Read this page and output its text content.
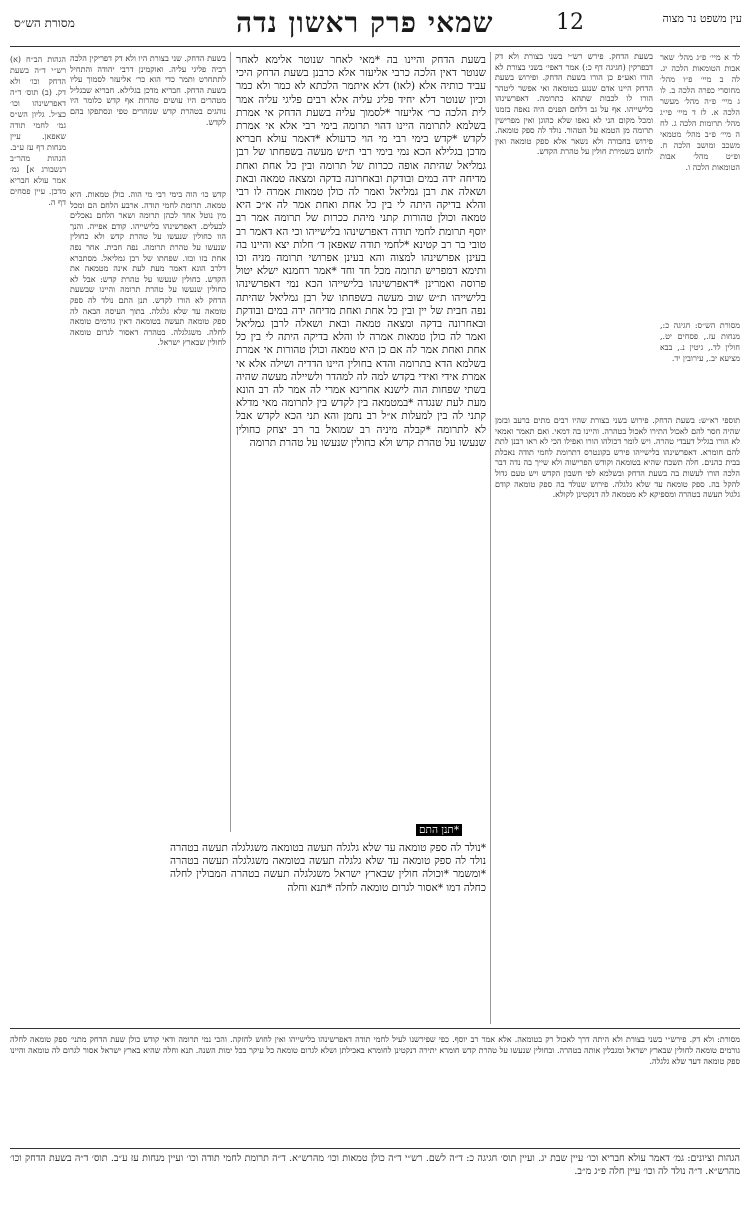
מסורת הש״ס	שמאי פרק ראשון נדה	12	עין משפט נר מצוה
לד א מיי׳ פ״ג מהל׳ שאר אבות הטומאות הלכה יג. לה ב מיי׳ פ״ו מהל׳ מחוסרי כפרה הלכה ב. לו ג מיי׳ פ״ה מהל׳ מעשר הלכה א. לז ד מיי׳ פי״ג מהל׳ תרומות הלכה ג. לח ה מיי׳ פ״ב מהל׳ מטמאי משכב ומושב הלכה ח. ופ״ט מהל׳ אבות הטומאות הלכה ו.
מסורת הש״ס: חגיגה כ:, מנחות עז., פסחים יט., חולין לד., גיטין נ., בבא מציעא יב., עירובין יד.
בשעת הדחק. פירש רש״י בשני בצורת ולא דק דבפרקין (חגיגה דף כ:) אמר דאפי׳ בשני בצורת לא הורו ואע״פ כן הורו בשעת הדחק. ופירוש בשעת הדחק היינו אדם שנגע בטומאה ואי אפשר ליטהר הורו לו לכבות שתהא כתרומה. דאפרשינהו בלישייהו. אף על גב דלחם הפנים היה נאפה בזמנו ומכל מקום הני לא נאפו שלא כהוגן ואין מפרישין תרומה מן הטמא על הטהור. נולד לה ספק טומאה. פירוש בחבורה ולא נשאר אלא ספק טומאה ואין לחוש בשמירת חולין על טהרת הקדש.
תוספי רא״ש: בשעת הדחק. פירוש בשני בצורת שהיו רבים מתים ברעב ובזמן שהיה חסר להם לאכול התירו לאכול בטהרה. והיינו בה דמאי. ואם תאמר ואמאי לא הורו בגליל דעבדי טהרה. ויש לומר דכולהו הורו ואפילו הכי לא ראו רבנן לתת להם חומרא. דאפרשינהו בלישייהו פירש בקונטרס דתרומת לחמי תודה נאכלת בבית כהנים. חלה תשכח שהיא בטומאה וקודש הפרישוה ולא שייך בה נדה דבר הלכה הורו לעשות בה בשעת הדחק ובשלמא לפי חשבון הקדש ויש טעם גדול להקל בה. ספק טומאה עד שלא גלגלה. פירוש שנולד בה ספק טומאה קודם גלגול תעשה בטהרה ומספיקא לא מטמאה לה דנקטינן לקולא.
בשעת הדחק והיינו בה *מאי לאחר שנוטר אלימא לאחר שנוטר דאין הלכה כרבי אליעזר אלא כרבנן בשעת הדחק היכי עביד כותיה אלא (לאו) דלא איתמר הלכתא לא כמר ולא כמר וכיון שנוטר דלא יחיד פליג עליה אלא רבים פליגי עליה אמר לית הלכה כר׳ אליעזר *לסמוך עליה בשעת הדחק אי אמרת בשלמא לתרומה היינו דהוי תרומה בימי רבי אלא אי אמרת לקדש *קדש בימי רבי מי הוי כדעולא *דאמר עולא חבריא מדכן בגלילא הכא נמי בימי רבי ת״ש מעשה בשפחתו של רבן גמליאל שהיתה אופה ככרות של תרומה ובין כל אחת ואחת מדיחה ידה במים ובודקת ובאחרונה בדקה ומצאה טמאה ובאת ושאלה את רבן גמליאל ואמר לה כולן טמאות אמרה לו רבי והלא בדיקה היתה לי בין כל אחת ואחת אמר לה א״כ היא טמאה וכולן טהורות קתני מיהת ככרות של תרומה אמר רב יוסף תרומת לחמי תודה דאפרשינהו בלישייהו וכי הא דאמר רב טובי בר רב קטינא *לחמי תודה שאפאן ד׳ חלות יצא והיינו בה בעינן אפרשינהו למצוה והא בעינן אפרושי תרומה מניה וכו ותימא דמפריש תרומה מכל חד וחד *אמר רחמנא ישלא יטול פרוסה ואמרינן *דאפרשינהו בלישייהו הכא נמי דאפרשינהו בלישייהו ת״ש שוב מעשה בשפחתו של רבן גמליאל שהיתה נפה חבית של יין ובין כל אחת ואחת מדיחה ידה במים ובודקת ובאחרונה בדקה ומצאה טמאה ובאת ושאלה לרבן גמליאל ואמר לה כולן טמאות אמרה לו והלא בדיקה היתה לי בין כל אחת ואחת אמר לה אם כן היא טמאה וכולן טהורות אי אמרת בשלמא הדא בתרומה והדא בחולין היינו הדדיה ושילה אלא אי אמרת אידי ואידי בקדש למה לה למהדר ולשיילה מעשה שהיה בשתי שפחות הוה לישנא אחרינא אמרי לה אמר לה רב הונא מעת לעת שנגדה *במטמאה בין לקדש בין לתרומה מאי מדלא קתני לה בין למעלות א״ל רב נחמן והא תני הכא לקדש אבל לא לתרומה *קבלה מיניה רב שמואל בר רב יצחק כחולין שנעשו על טהרת קדש ולא כחולין שנעשו על טהרת תרומה
*תנן התם
*נולד לה ספק טומאה עד שלא גלגלה תעשה בטומאה משגלגלה תעשה בטהרה נולד לה ספק טומאה עד שלא גלגלה תעשה בטומאה משגלגלה תעשה בטהרה *ומשמר *וכולה חולין שבארץ ישראל משגלגלה תעשה בטהרה המבולין לחלה כחלה דמו *אסור לגרום טומאה לחלה *תנא וחלה
בשעת הדחק. שני בצורת היו ולא דק דפריקין הלכה רביה פליגי עליה. ואוקמינן דרבי יהודה והתחיל לתתחרט ותמר כדי הוא כר׳ אליעזר לסמוך עליו בשעת הדחק. חבריא מדכן בגלילא. חבריא שבגליל מטהרים היו עושים טהרות אף קדש כלומר היו נוהגים בטהרת קדש שנזהרים טפי ונסתפקו בהם לקדש.
קדש כו׳ הוה בימי רבי מי הוה. כולן טמאות. היא טמאה. תרומת לחמי תודה. ארבע הלחם הם ומכל מין נוטל אחד לכהן תרומה ושאר הלחם נאכלים לבעלים. דאפרשינהו בלישייהו. קודם אפייה. והנך הוו כחולין שנעשו על טהרת קדש ולא כחולין שנעשו על טהרת תרומה. נפה חבית. אחר נפה אחת בזו ובזו. שפחתו של רבן גמליאל. מסתברא דלרב הונא דאמר מעת לעת אינה מטמאה את הקדש. כחולין שנעשו על טהרת קדש: אבל לא כחולין שנעשו על טהרת תרומה והיינו שבשעת הדחק לא הורו לקדש. תנן התם נולד לה ספק טומאה עד שלא גלגלה. בתוך העיסה הבאה לה ספק טומאה תעשה בטומאה דאין גורמים טומאה לחלה. משגלגלה. בטהרה דאסור לגרום טומאה לחולין שבארץ ישראל.
הגהות הב״ח (א) רש״י ד״ה בשעת הדחק וכו׳ ולא דק. (ב) תוס׳ ד״ה דאפרשינהו וכו׳ כצ״ל. גליון הש״ס גמ׳ לחמי תודה שאפאן. עיין מנחות דף עז ע״ב. הגהות מהר״ב רנשבורג א] גמ׳ אמר עולא חבריא מדכן. עיין פסחים דף ה.
מסורת: ולא דק. פירש״י בשני בצורת ולא היתה דרך לאכול רק בטומאה. אלא אמר רב יוסף. כפי שפירשנו לעיל לחמי תודה דאפרשינהו בלישייהו ואין לחוש לחזקה. והכי נמי תרומה ודאי קודש כולן שעת הדחק מתני׳ ספק טומאה לחלה גורמים טומאה לחולין שבארץ ישראל ומגבלין אותה בטהרה. ובחולין שנעשו על טהרת קדש חומרא יתירה דנקטינן לחומרא באכילתן ושלא לגרום טומאה כל עיקר בכל ימות השנה. תנא וחלה שהיא בארץ ישראל אסור לגרום לה טומאה והיינו ספק טומאה דעד שלא גלגלה.
הגהות וציונים: גמ׳ דאמר עולא חבריא וכו׳ עיין שבת יג. ועיין תוס׳ חגיגה כ: ד״ה לשם. רש״י ד״ה כולן טמאות וכו׳ מהרש״א. ד״ה תרומת לחמי תודה וכו׳ ועיין מנחות עז ע״ב. תוס׳ ד״ה בשעת הדחק וכו׳ מהרש״א. ד״ה נולד לה וכו׳ עיין חלה פ״ג מ״ב.
